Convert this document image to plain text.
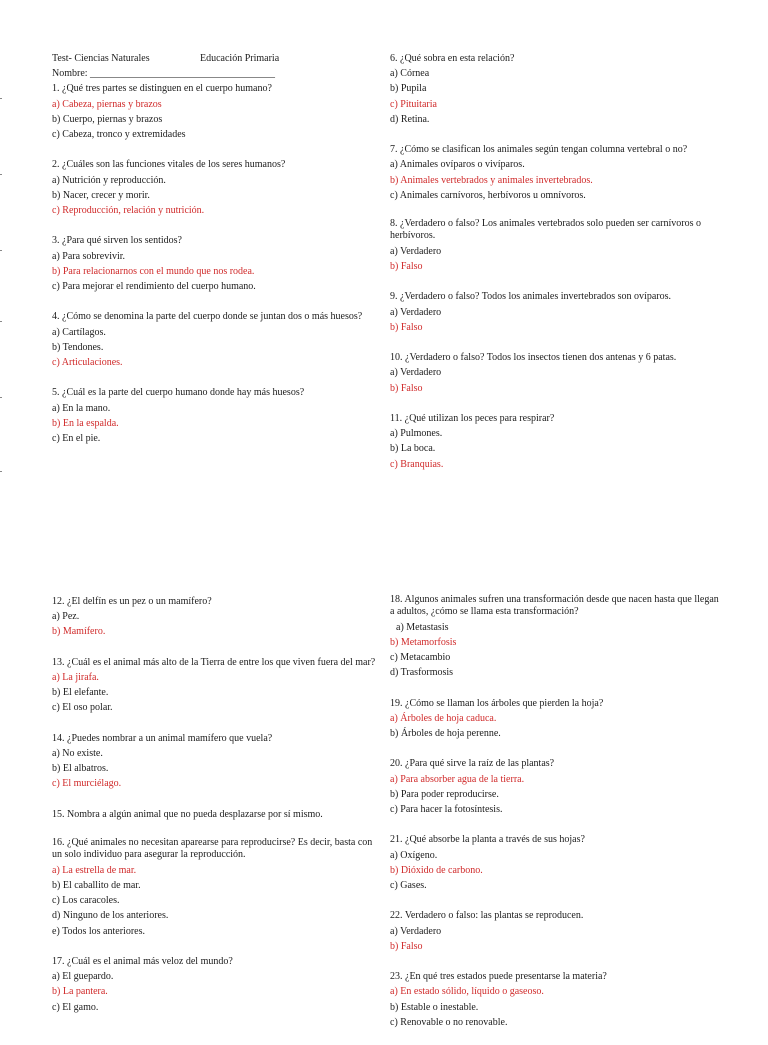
Test- Ciencias Naturales	Educación Primaria
Nombre: _____________________________________
1. ¿Qué tres partes se distinguen en el cuerpo humano?
a) Cabeza, piernas y brazos
b) Cuerpo, piernas y brazos
c) Cabeza, tronco y extremidades
2. ¿Cuáles son las funciones vitales de los seres humanos?
a) Nutrición y reproducción.
b) Nacer, crecer y morir.
c) Reproducción, relación y nutrición.
3. ¿Para qué sirven los sentidos?
a) Para sobrevivir.
b) Para relacionarnos con el mundo que nos rodea.
c) Para mejorar el rendimiento del cuerpo humano.
4. ¿Cómo se denomina la parte del cuerpo donde se juntan dos o más huesos?
a) Cartílagos.
b) Tendones.
c) Articulaciones.
5. ¿Cuál es la parte del cuerpo humano donde hay más huesos?
a) En la mano.
b) En la espalda.
c) En el pie.
6. ¿Qué sobra en esta relación?
a) Córnea
b) Pupila
c) Pituitaria
d) Retina.
7. ¿Cómo se clasifican los animales según tengan columna vertebral o no?
a) Animales ovíparos o vivíparos.
b) Animales vertebrados y animales invertebrados.
c) Animales carnívoros, herbívoros u omnívoros.
8. ¿Verdadero o falso? Los animales vertebrados solo pueden ser carnívoros o herbívoros.
a) Verdadero
b) Falso
9. ¿Verdadero o falso? Todos los animales invertebrados son ovíparos.
a) Verdadero
b) Falso
10. ¿Verdadero o falso? Todos los insectos tienen dos antenas y 6 patas.
a) Verdadero
b) Falso
11. ¿Qué utilizan los peces para respirar?
a) Pulmones.
b) La boca.
c) Branquias.
12. ¿El delfín es un pez o un mamífero?
a) Pez.
b) Mamífero.
13. ¿Cuál es el animal más alto de la Tierra de entre los que viven fuera del mar?
a) La jirafa.
b) El elefante.
c) El oso polar.
14. ¿Puedes nombrar a un animal mamífero que vuela?
a) No existe.
b) El albatros.
c) El murciélago.
15. Nombra a algún animal que no pueda desplazarse por sí mismo.
16. ¿Qué animales no necesitan aparearse para reproducirse? Es decir, basta con un solo individuo para asegurar la reproducción.
a) La estrella de mar.
b) El caballito de mar.
c) Los caracoles.
d) Ninguno de los anteriores.
e) Todos los anteriores.
17. ¿Cuál es el animal más veloz del mundo?
a) El guepardo.
b) La pantera.
c) El gamo.
18. Algunos animales sufren una transformación desde que nacen hasta que llegan a adultos, ¿cómo se llama esta transformación?
a) Metastasis
b) Metamorfosis
c) Metacambio
d) Trasformosis
19. ¿Cómo se llaman los árboles que pierden la hoja?
a) Árboles de hoja caduca.
b) Árboles de hoja perenne.
20. ¿Para qué sirve la raíz de las plantas?
a) Para absorber agua de la tierra.
b) Para poder reproducirse.
c) Para hacer la fotosíntesis.
21. ¿Qué absorbe la planta a través de sus hojas?
a) Oxígeno.
b) Dióxido de carbono.
c) Gases.
22. Verdadero o falso: las plantas se reproducen.
a) Verdadero
b) Falso
23. ¿En qué tres estados puede presentarse la materia?
a) En estado sólido, líquido o gaseoso.
b) Estable o inestable.
c) Renovable o no renovable.
